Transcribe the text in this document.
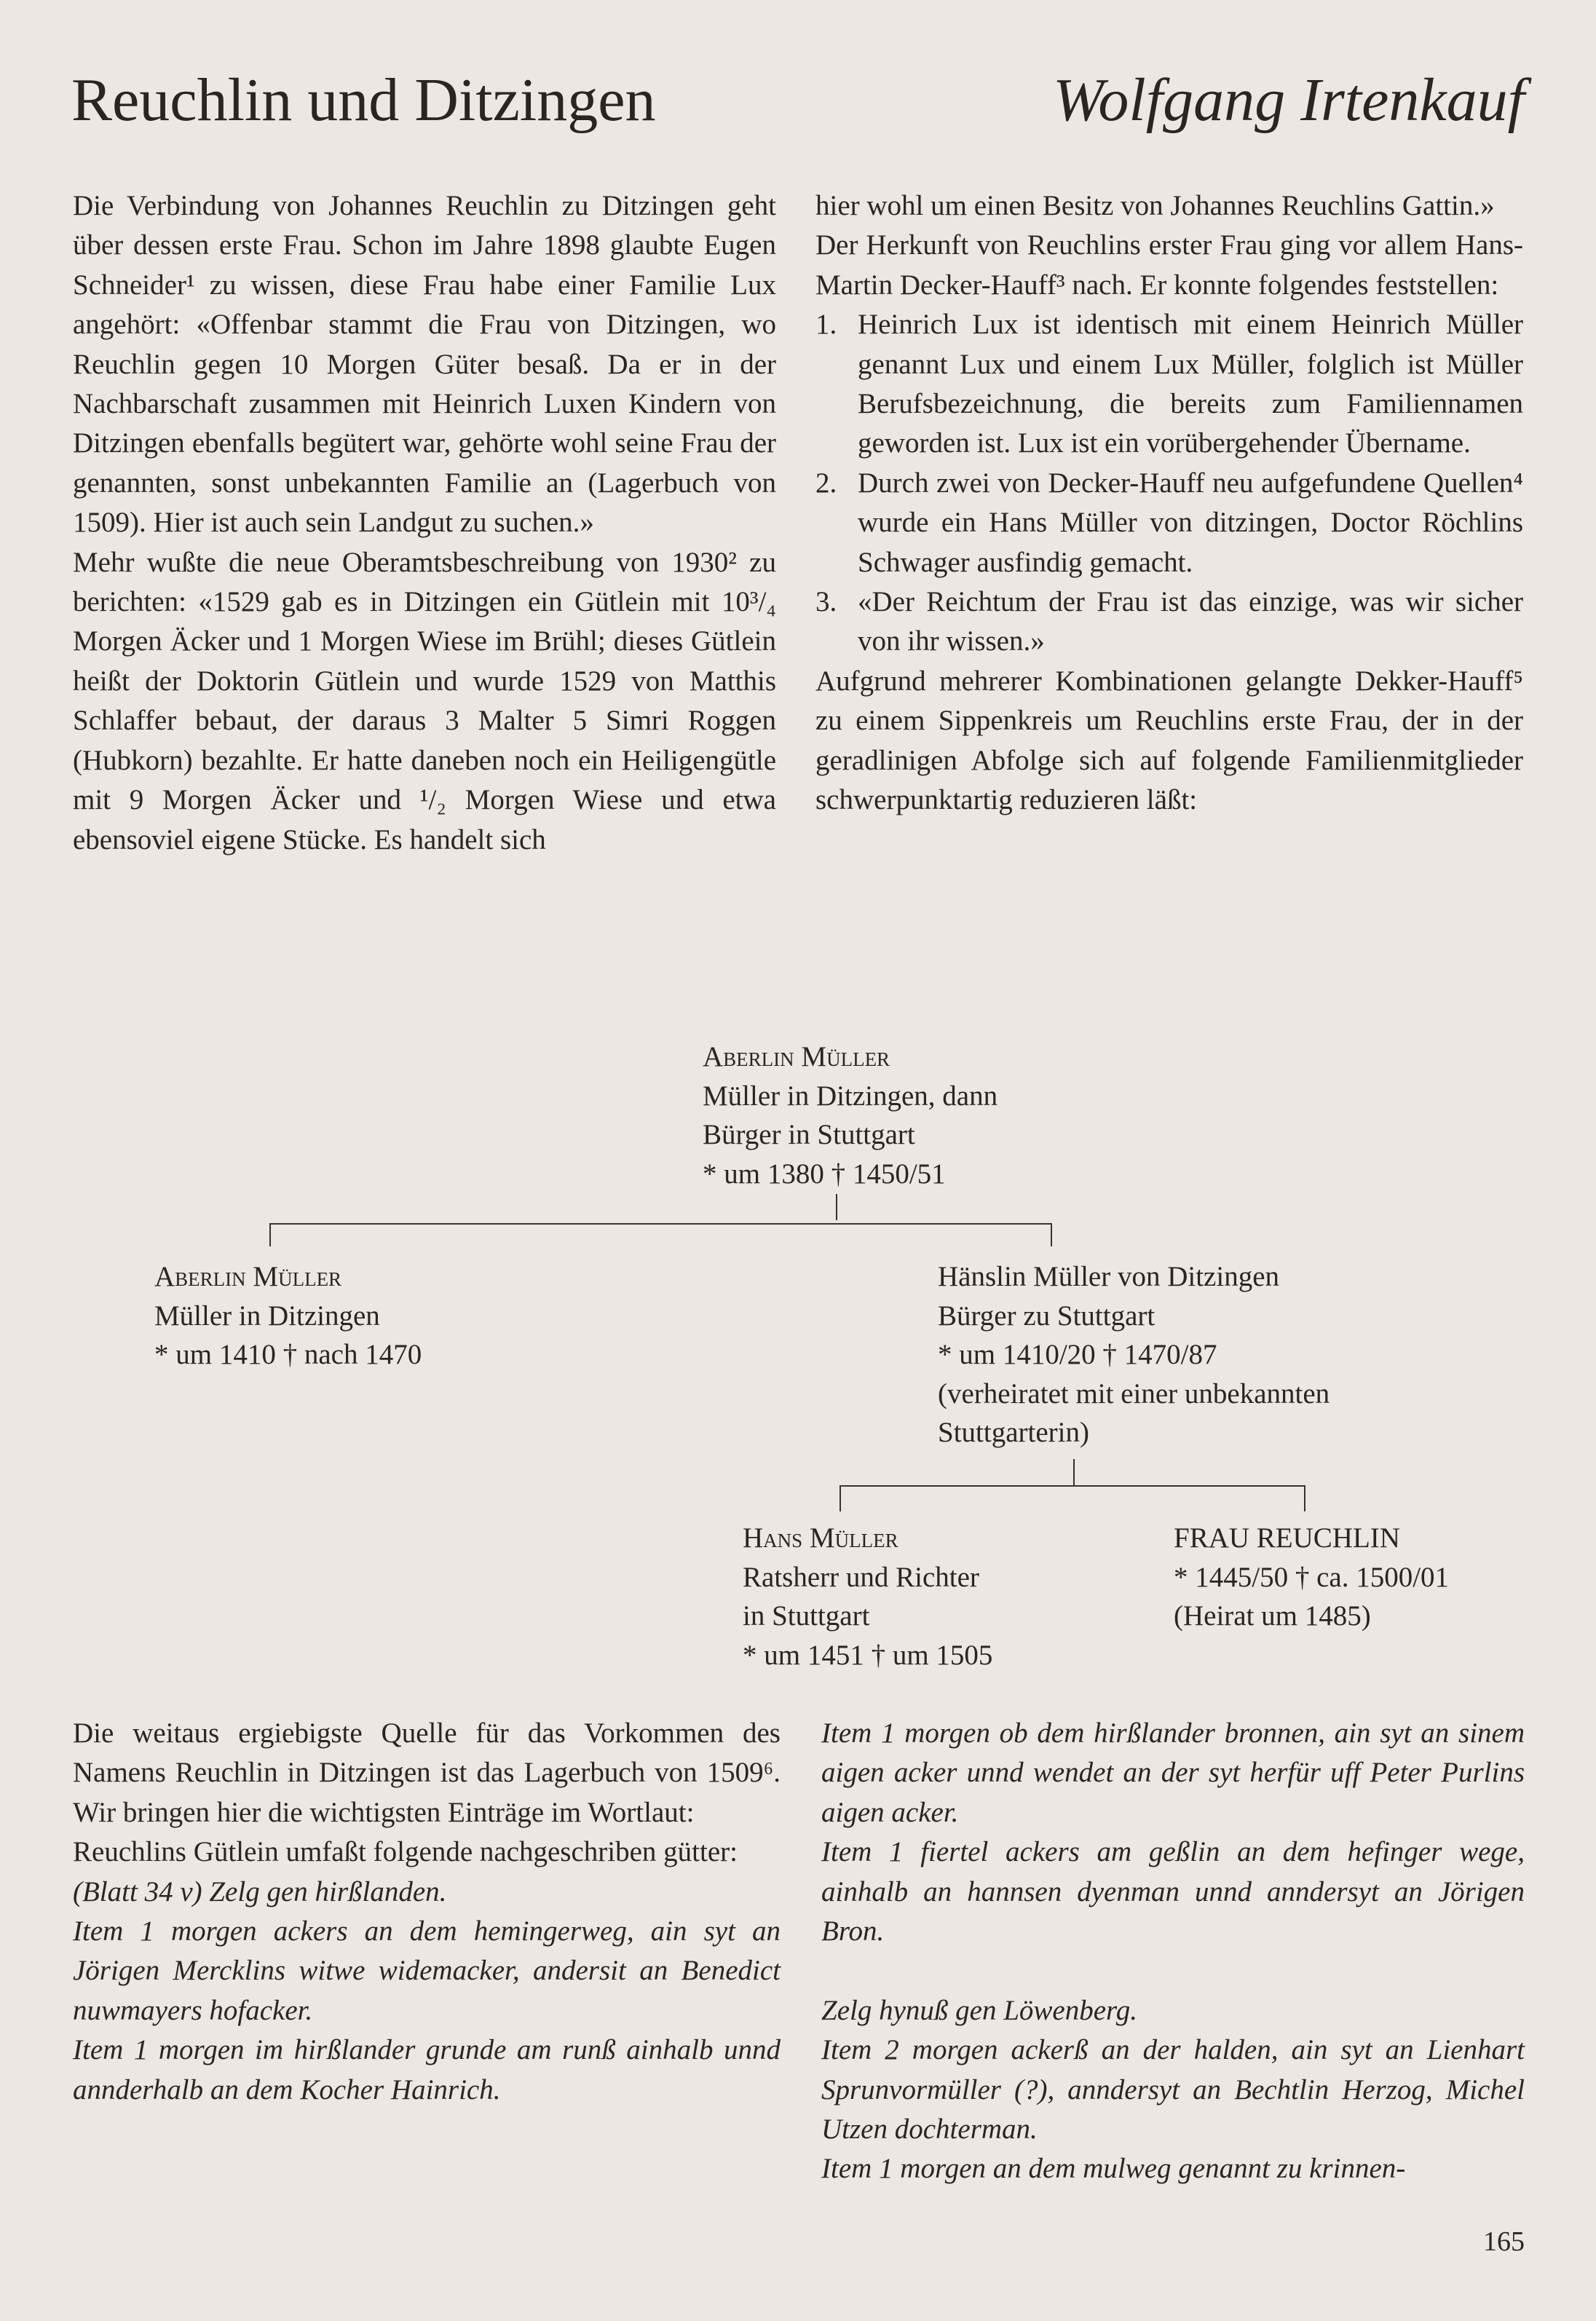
Reuchlin und Ditzingen	Wolfgang Irtenkauf

Die Verbindung von Johannes Reuchlin zu Ditzingen geht über dessen erste Frau. Schon im Jahre 1898 glaubte Eugen Schneider¹ zu wissen, diese Frau habe einer Familie Lux angehört: «Offenbar stammt die Frau von Ditzingen, wo Reuchlin gegen 10 Morgen Güter besaß. Da er in der Nachbarschaft zusammen mit Heinrich Luxen Kindern von Ditzingen ebenfalls begütert war, gehörte wohl seine Frau der genannten, sonst unbekannten Familie an (Lagerbuch von 1509). Hier ist auch sein Landgut zu suchen.»

Mehr wußte die neue Oberamtsbeschreibung von 1930² zu berichten: «1529 gab es in Ditzingen ein Gütlein mit 10³/₄ Morgen Äcker und 1 Morgen Wiese im Brühl; dieses Gütlein heißt der Doktorin Gütlein und wurde 1529 von Matthis Schlaffer bebaut, der daraus 3 Malter 5 Simri Roggen (Hubkorn) bezahlte. Er hatte daneben noch ein Heiligengütle mit 9 Morgen Äcker und ¹/₂ Morgen Wiese und etwa ebensoviel eigene Stücke. Es handelt sich

hier wohl um einen Besitz von Johannes Reuchlins Gattin.»

Der Herkunft von Reuchlins erster Frau ging vor allem Hans-Martin Decker-Hauff³ nach. Er konnte folgendes feststellen:

1. Heinrich Lux ist identisch mit einem Heinrich Müller genannt Lux und einem Lux Müller, folglich ist Müller Berufsbezeichnung, die bereits zum Familiennamen geworden ist. Lux ist ein vorübergehender Übername.
2. Durch zwei von Decker-Hauff neu aufgefundene Quellen⁴ wurde ein Hans Müller von ditzingen, Doctor Röchlins Schwager ausfindig gemacht.
3. «Der Reichtum der Frau ist das einzige, was wir sicher von ihr wissen.»

Aufgrund mehrerer Kombinationen gelangte Dekker-Hauff⁵ zu einem Sippenkreis um Reuchlins erste Frau, der in der geradlinigen Abfolge sich auf folgende Familienmitglieder schwerpunktartig reduzieren läßt:

Aberlin Müller
Müller in Ditzingen, dann
Bürger in Stuttgart
* um 1380 † 1450/51
Aberlin Müller
Müller in Ditzingen
* um 1410 † nach 1470
Hänslin Müller von Ditzingen
Bürger zu Stuttgart
* um 1410/20 † 1470/87
(verheiratet mit einer unbekannten
Stuttgarterin)
Hans Müller
Ratsherr und Richter
in Stuttgart
* um 1451 † um 1505
FRAU REUCHLIN
* 1445/50 † ca. 1500/01
(Heirat um 1485)

Die weitaus ergiebigste Quelle für das Vorkommen des Namens Reuchlin in Ditzingen ist das Lagerbuch von 1509⁶. Wir bringen hier die wichtigsten Einträge im Wortlaut:

Reuchlins Gütlein umfaßt folgende nachgeschriben gütter:

(Blatt 34 v) Zelg gen hirßlanden.

Item 1 morgen ackers an dem hemingerweg, ain syt an Jörigen Mercklins witwe widemacker, andersit an Benedict nuwmayers hofacker.

Item 1 morgen im hirßlander grunde am runß ainhalb unnd annderhalb an dem Kocher Hainrich.

Item 1 morgen ob dem hirßlander bronnen, ain syt an sinem aigen acker unnd wendet an der syt herfür uff Peter Purlins aigen acker.

Item 1 fiertel ackers am geßlin an dem hefinger wege, ainhalb an hannsen dyenman unnd anndersyt an Jörigen Bron.

Zelg hynuß gen Löwenberg.

Item 2 morgen ackerß an der halden, ain syt an Lienhart Sprunvormüller (?), anndersyt an Bechtlin Herzog, Michel Utzen dochterman.

Item 1 morgen an dem mulweg genannt zu krinnen-

165
